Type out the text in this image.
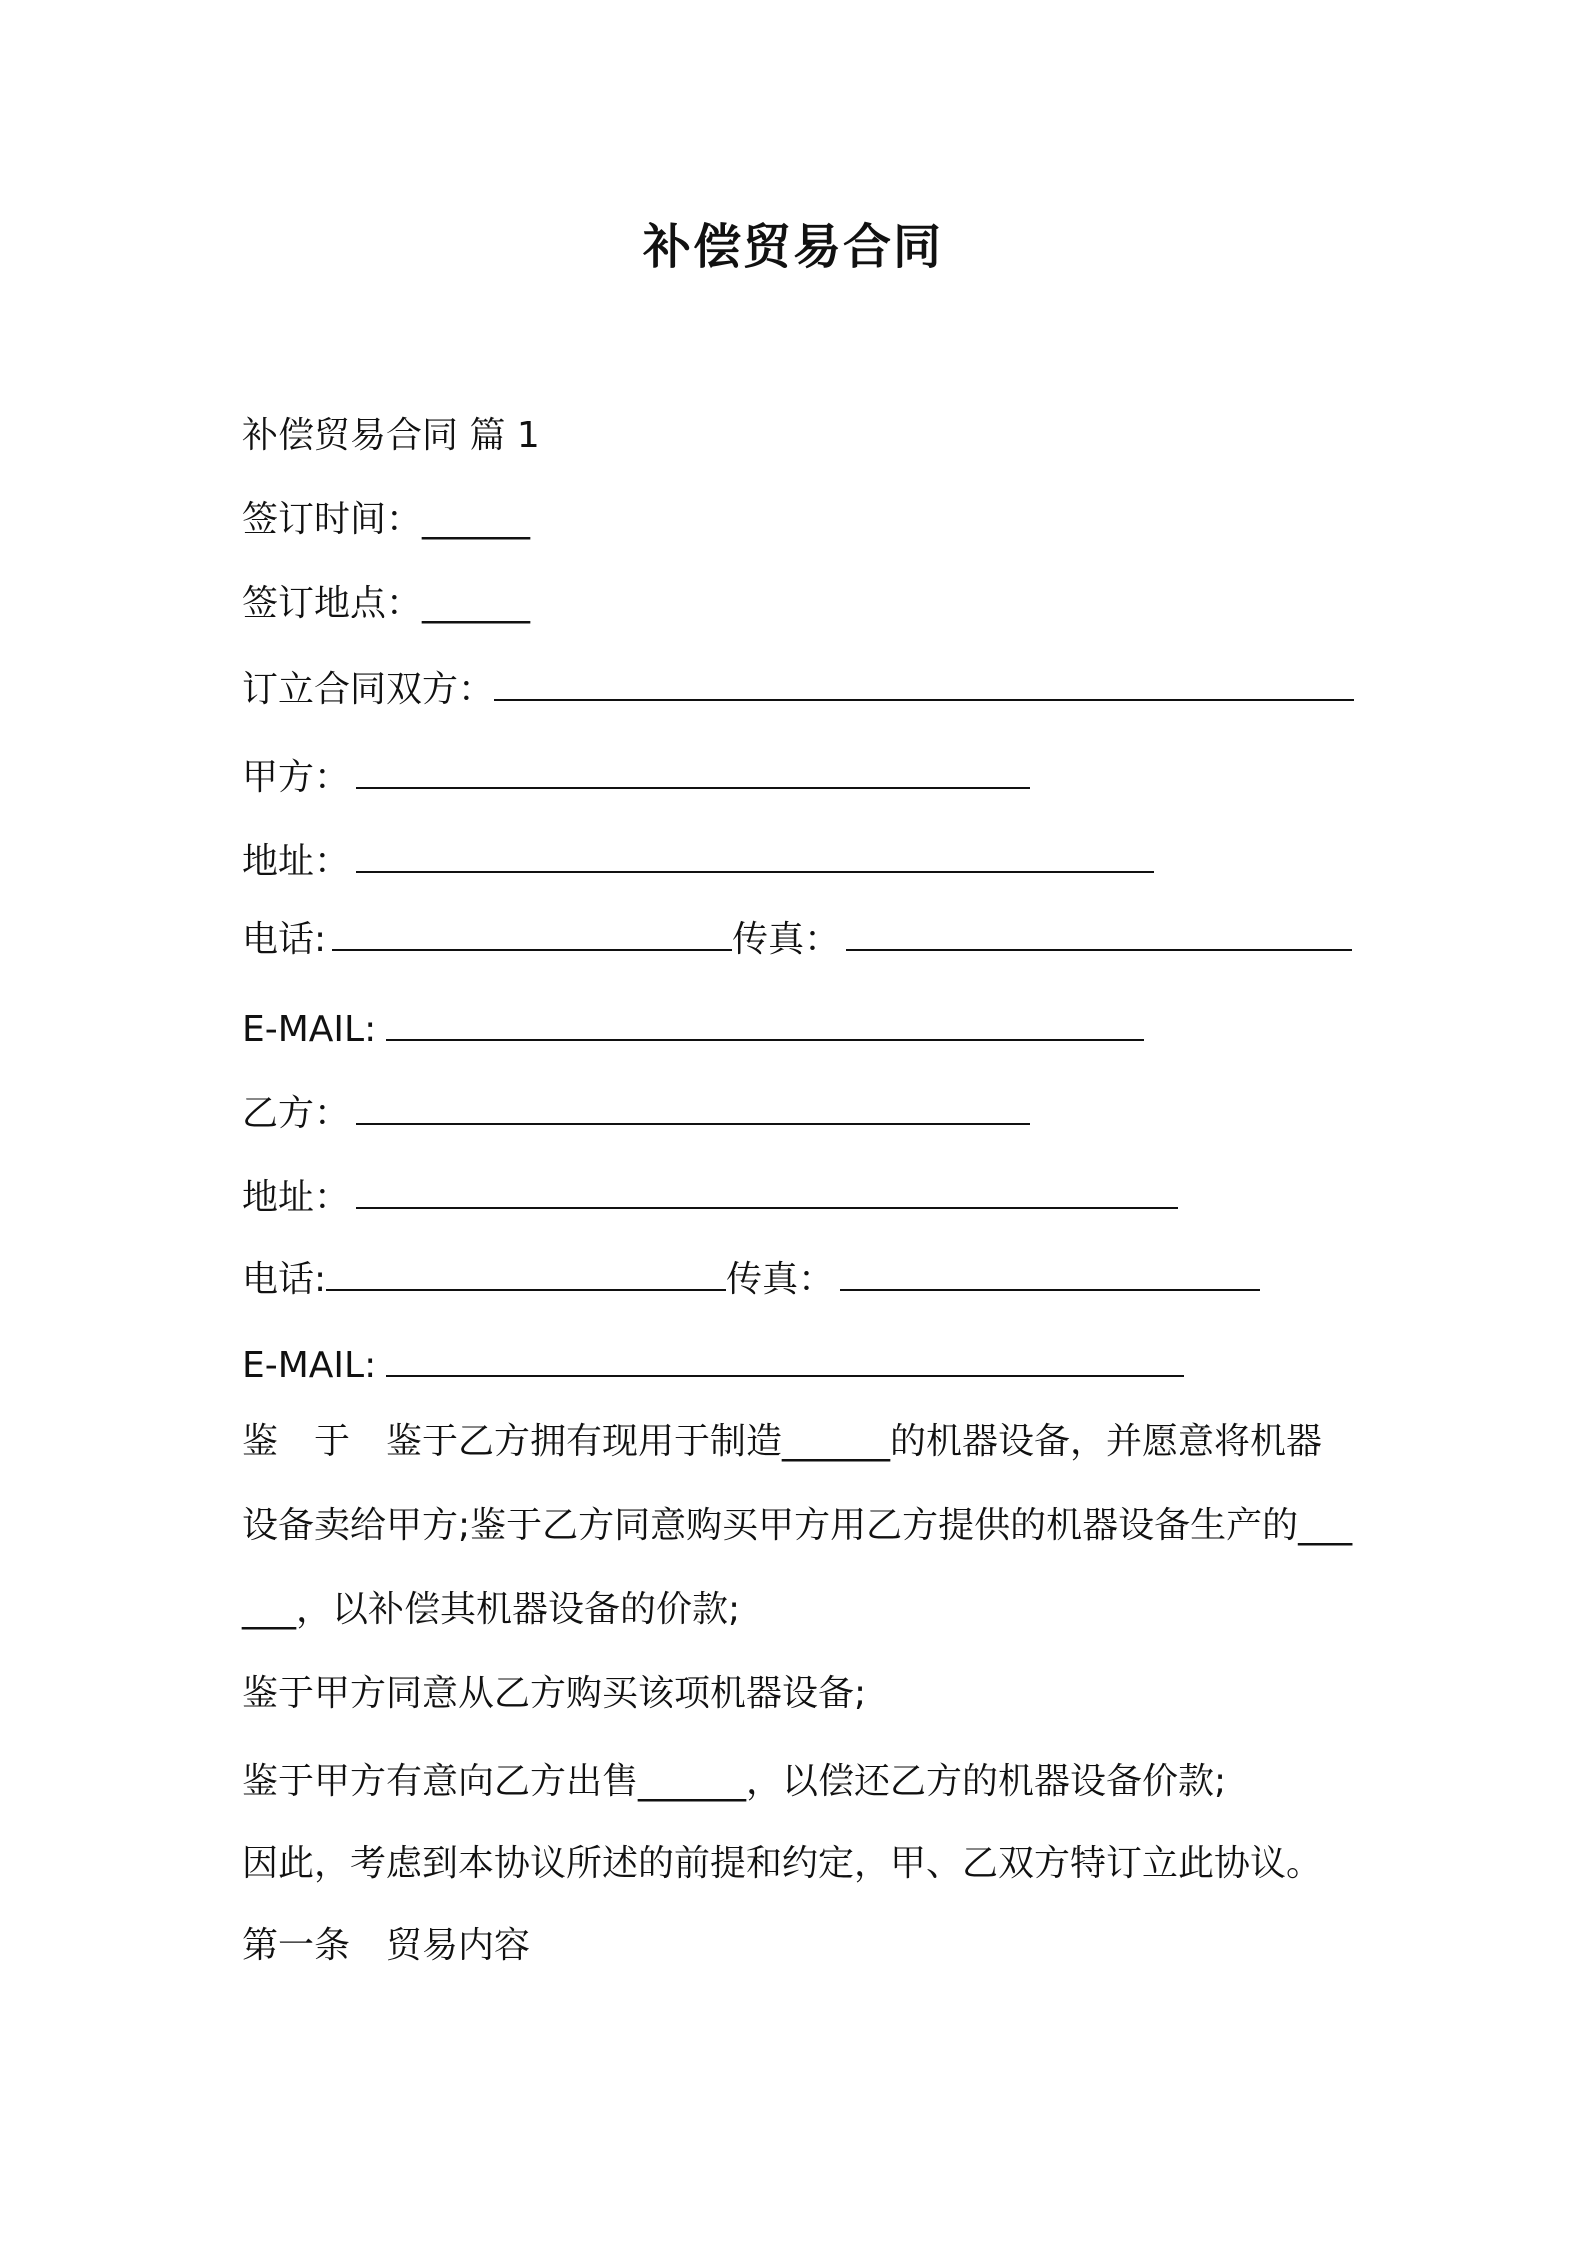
补偿贸易合同
补偿贸易合同 篇 1
签订时间：______
签订地点：______
订立合同双方：
甲方：
地址：
电话:	传真：
E-MAIL:
乙方：
地址：
电话:	传真：
E-MAIL:
鉴　于　鉴于乙方拥有现用于制造______的机器设备，并愿意将机器设备卖给甲方;鉴于乙方同意购买甲方用乙方提供的机器设备生产的______，以补偿其机器设备的价款;
鉴于甲方同意从乙方购买该项机器设备;
鉴于甲方有意向乙方出售______，以偿还乙方的机器设备价款;
因此，考虑到本协议所述的前提和约定，甲、乙双方特订立此协议。
第一条　贸易内容
